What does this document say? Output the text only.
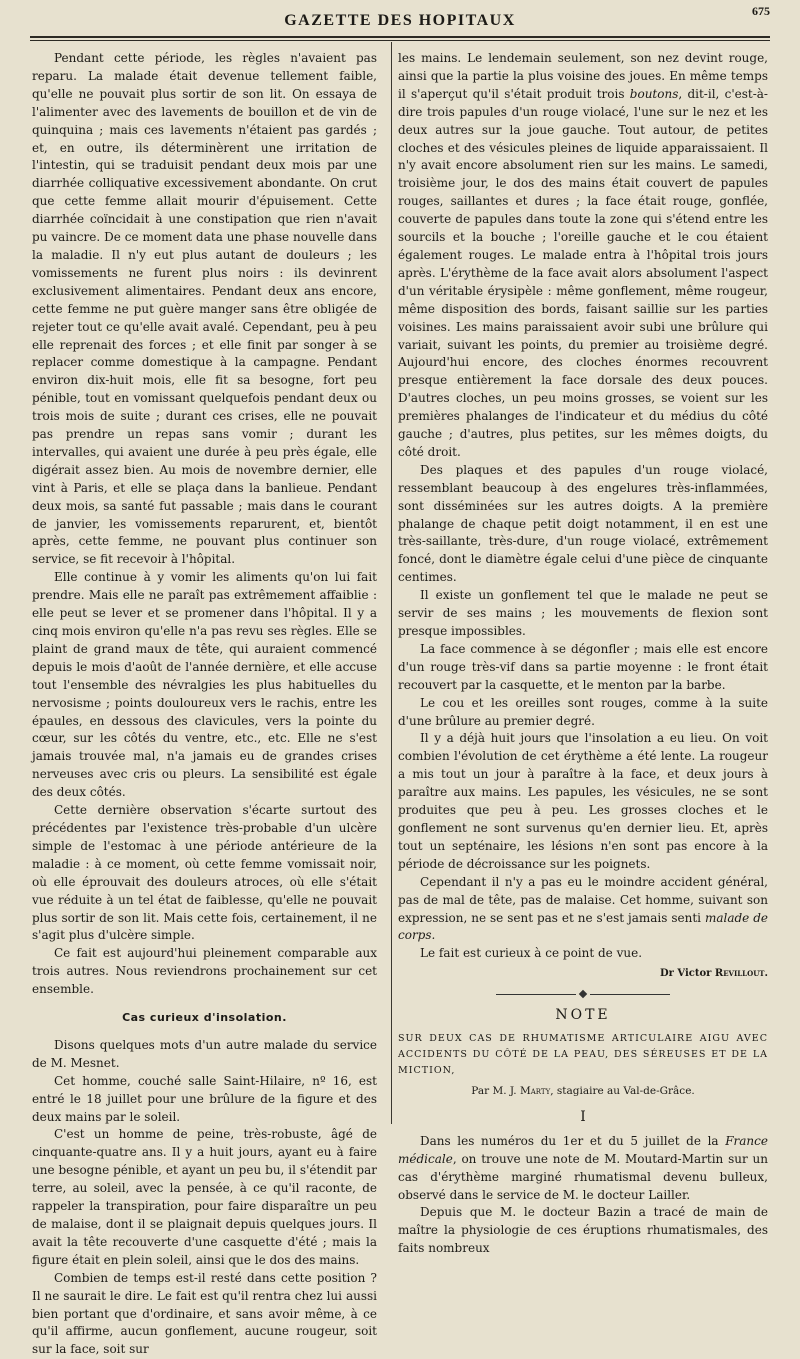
GAZETTE DES HOPITAUX
675

Pendant cette période, les règles n'avaient pas reparu. La malade était devenue tellement faible, qu'elle ne pouvait plus sortir de son lit. On essaya de l'alimenter avec des lavements de bouillon et de vin de quinquina ; mais ces lavements n'étaient pas gardés ; et, en outre, ils déterminèrent une irritation de l'intestin, qui se traduisit pendant deux mois par une diarrhée colliquative excessivement abondante. On crut que cette femme allait mourir d'épuisement. Cette diarrhée coïncidait à une constipation que rien n'avait pu vaincre. De ce moment data une phase nouvelle dans la maladie. Il n'y eut plus autant de douleurs ; les vomissements ne furent plus noirs : ils devinrent exclusivement alimentaires. Pendant deux ans encore, cette femme ne put guère manger sans être obligée de rejeter tout ce qu'elle avait avalé. Cependant, peu à peu elle reprenait des forces ; et elle finit par songer à se replacer comme domestique à la campagne. Pendant environ dix-huit mois, elle fit sa besogne, fort peu pénible, tout en vomissant quelquefois pendant deux ou trois mois de suite ; durant ces crises, elle ne pouvait pas prendre un repas sans vomir ; durant les intervalles, qui avaient une durée à peu près égale, elle digérait assez bien. Au mois de novembre dernier, elle vint à Paris, et elle se plaça dans la banlieue. Pendant deux mois, sa santé fut passable ; mais dans le courant de janvier, les vomissements reparurent, et, bientôt après, cette femme, ne pouvant plus continuer son service, se fit recevoir à l'hôpital.

Elle continue à y vomir les aliments qu'on lui fait prendre. Mais elle ne paraît pas extrêmement affaiblie : elle peut se lever et se promener dans l'hôpital. Il y a cinq mois environ qu'elle n'a pas revu ses règles. Elle se plaint de grand maux de tête, qui auraient commencé depuis le mois d'août de l'année dernière, et elle accuse tout l'ensemble des névralgies les plus habituelles du nervosisme ; points douloureux vers le rachis, entre les épaules, en dessous des clavicules, vers la pointe du cœur, sur les côtés du ventre, etc., etc. Elle ne s'est jamais trouvée mal, n'a jamais eu de grandes crises nerveuses avec cris ou pleurs. La sensibilité est égale des deux côtés.

Cette dernière observation s'écarte surtout des précédentes par l'existence très-probable d'un ulcère simple de l'estomac à une période antérieure de la maladie : à ce moment, où cette femme vomissait noir, où elle éprouvait des douleurs atroces, où elle s'était vue réduite à un tel état de faiblesse, qu'elle ne pouvait plus sortir de son lit. Mais cette fois, certainement, il ne s'agit plus d'ulcère simple.

Ce fait est aujourd'hui pleinement comparable aux trois autres. Nous reviendrons prochainement sur cet ensemble.

Cas curieux d'insolation.

Disons quelques mots d'un autre malade du service de M. Mesnet.

Cet homme, couché salle Saint-Hilaire, nº 16, est entré le 18 juillet pour une brûlure de la figure et des deux mains par le soleil.

C'est un homme de peine, très-robuste, âgé de cinquante-quatre ans. Il y a huit jours, ayant eu à faire une besogne pénible, et ayant un peu bu, il s'étendit par terre, au soleil, avec la pensée, à ce qu'il raconte, de rappeler la transpiration, pour faire disparaître un peu de malaise, dont il se plaignait depuis quelques jours. Il avait la tête recouverte d'une casquette d'été ; mais la figure était en plein soleil, ainsi que le dos des mains.

Combien de temps est-il resté dans cette position ? Il ne saurait le dire. Le fait est qu'il rentra chez lui aussi bien portant que d'ordinaire, et sans avoir même, à ce qu'il affirme, aucun gonflement, aucune rougeur, soit sur la face, soit sur

les mains. Le lendemain seulement, son nez devint rouge, ainsi que la partie la plus voisine des joues. En même temps il s'aperçut qu'il s'était produit trois boutons, dit-il, c'est-à-dire trois papules d'un rouge violacé, l'une sur le nez et les deux autres sur la joue gauche. Tout autour, de petites cloches et des vésicules pleines de liquide apparaissaient. Il n'y avait encore absolument rien sur les mains. Le samedi, troisième jour, le dos des mains était couvert de papules rouges, saillantes et dures ; la face était rouge, gonflée, couverte de papules dans toute la zone qui s'étend entre les sourcils et la bouche ; l'oreille gauche et le cou étaient également rouges. Le malade entra à l'hôpital trois jours après. L'érythème de la face avait alors absolument l'aspect d'un véritable érysipèle : même gonflement, même rougeur, même disposition des bords, faisant saillie sur les parties voisines. Les mains paraissaient avoir subi une brûlure qui variait, suivant les points, du premier au troisième degré. Aujourd'hui encore, des cloches énormes recouvrent presque entièrement la face dorsale des deux pouces. D'autres cloches, un peu moins grosses, se voient sur les premières phalanges de l'indicateur et du médius du côté gauche ; d'autres, plus petites, sur les mêmes doigts, du côté droit.

Des plaques et des papules d'un rouge violacé, ressemblant beaucoup à des engelures très-inflammées, sont disséminées sur les autres doigts. A la première phalange de chaque petit doigt notamment, il en est une très-saillante, très-dure, d'un rouge violacé, extrêmement foncé, dont le diamètre égale celui d'une pièce de cinquante centimes.

Il existe un gonflement tel que le malade ne peut se servir de ses mains ; les mouvements de flexion sont presque impossibles.

La face commence à se dégonfler ; mais elle est encore d'un rouge très-vif dans sa partie moyenne : le front était recouvert par la casquette, et le menton par la barbe.

Le cou et les oreilles sont rouges, comme à la suite d'une brûlure au premier degré.

Il y a déjà huit jours que l'insolation a eu lieu. On voit combien l'évolution de cet érythème a été lente. La rougeur a mis tout un jour à paraître à la face, et deux jours à paraître aux mains. Les papules, les vésicules, ne se sont produites que peu à peu. Les grosses cloches et le gonflement ne sont survenus qu'en dernier lieu. Et, après tout un septénaire, les lésions n'en sont pas encore à la période de décroissance sur les poignets.

Cependant il n'y a pas eu le moindre accident général, pas de mal de tête, pas de malaise. Cet homme, suivant son expression, ne se sent pas et ne s'est jamais senti malade de corps.

Le fait est curieux à ce point de vue.

Dr Victor Revillout.
NOTE

SUR DEUX CAS DE RHUMATISME ARTICULAIRE AIGU AVEC ACCIDENTS DU CÔTÉ DE LA PEAU, DES SÉREUSES ET DE LA MICTION,

Par M. J. Marty, stagiaire au Val-de-Grâce.
I

Dans les numéros du 1er et du 5 juillet de la France médicale, on trouve une note de M. Moutard-Martin sur un cas d'érythème marginé rhumatismal devenu bulleux, observé dans le service de M. le docteur Lailler.

Depuis que M. le docteur Bazin a tracé de main de maître la physiologie de ces éruptions rhumatismales, des faits nombreux
